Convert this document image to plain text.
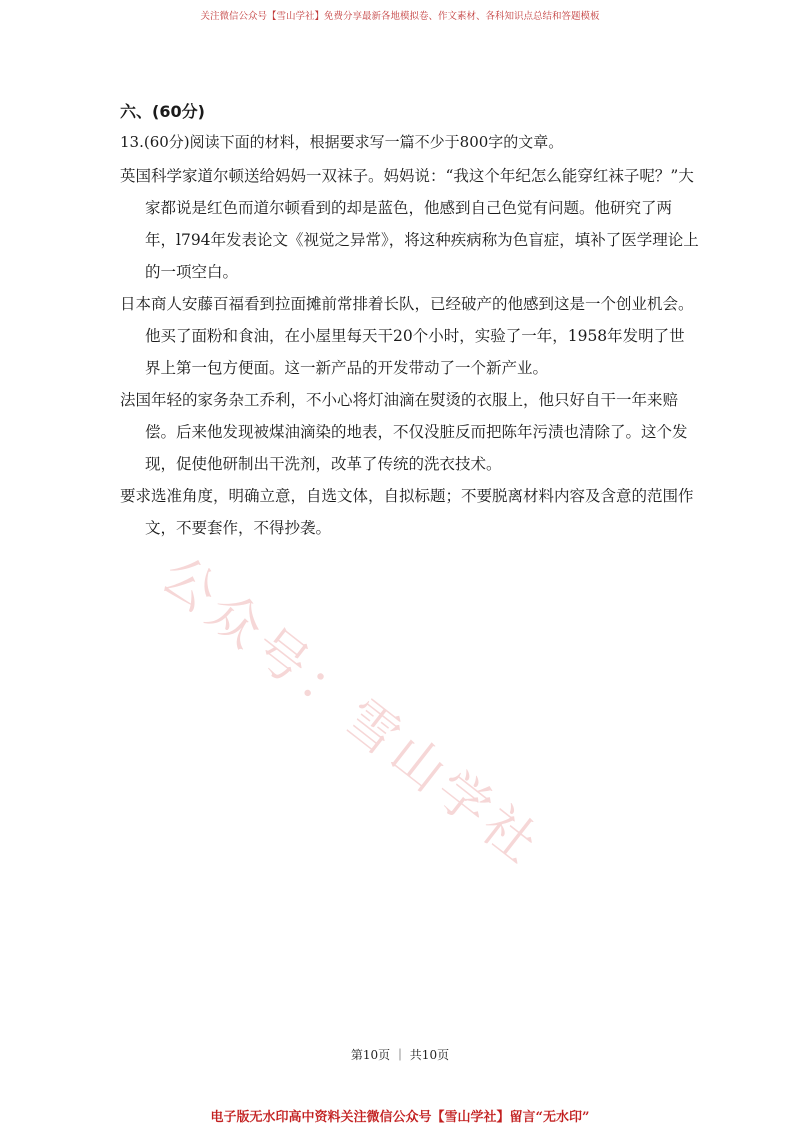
关注微信公众号【雪山学社】免费分享最新各地模拟卷、作文素材、各科知识点总结和答题模板
公众号：雪山学社
六、(60分)
13.(60分)阅读下面的材料，根据要求写一篇不少于800字的文章。

英国科学家道尔顿送给妈妈一双袜子。妈妈说：“我这个年纪怎么能穿红袜子呢？”大家都说是红色而道尔顿看到的却是蓝色，他感到自己色觉有问题。他研究了两年，l794年发表论文《视觉之异常》，将这种疾病称为色盲症，填补了医学理论上的一项空白。

日本商人安藤百福看到拉面摊前常排着长队，已经破产的他感到这是一个创业机会。他买了面粉和食油，在小屋里每天干20个小时，实验了一年，1958年发明了世界上第一包方便面。这一新产品的开发带动了一个新产业。

法国年轻的家务杂工乔利，不小心将灯油滴在熨烫的衣服上，他只好自干一年来赔偿。后来他发现被煤油滴染的地表，不仅没脏反而把陈年污渍也清除了。这个发现，促使他研制出干洗剂，改革了传统的洗衣技术。

要求选准角度，明确立意，自选文体，自拟标题；不要脱离材料内容及含意的范围作文，不要套作，不得抄袭。

第10页 ｜ 共10页
电子版无水印高中资料关注微信公众号【雪山学社】留言“无水印”
